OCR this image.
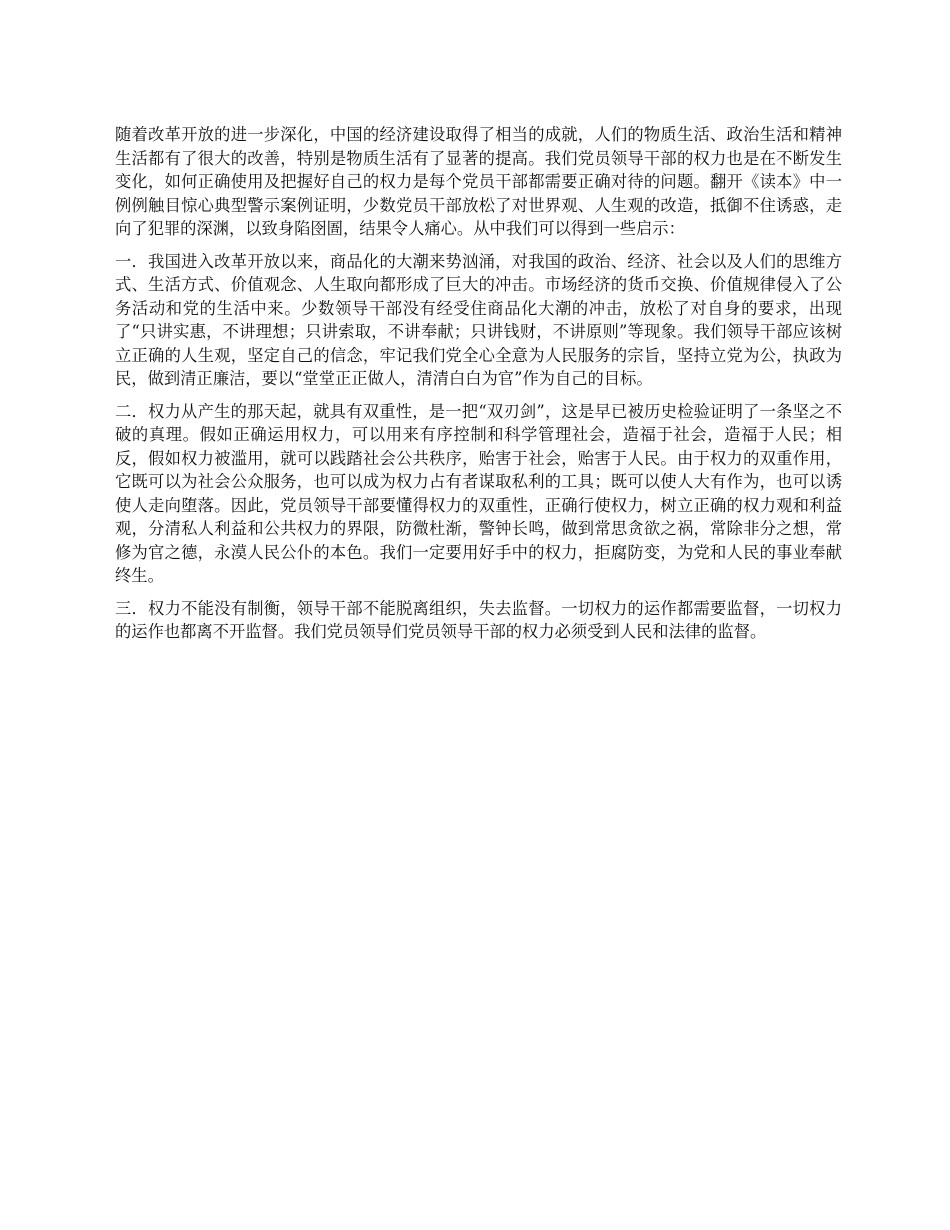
随着改革开放的进一步深化，中国的经济建设取得了相当的成就，人们的物质生活、政治生活和精神生活都有了很大的改善，特别是物质生活有了显著的提高。我们党员领导干部的权力也是在不断发生变化，如何正确使用及把握好自己的权力是每个党员干部都需要正确对待的问题。翻开《读本》中一例例触目惊心典型警示案例证明，少数党员干部放松了对世界观、人生观的改造，抵御不住诱惑，走向了犯罪的深渊，以致身陷囹圄，结果令人痛心。从中我们可以得到一些启示：

一．我国进入改革开放以来，商品化的大潮来势汹涌，对我国的政治、经济、社会以及人们的思维方式、生活方式、价值观念、人生取向都形成了巨大的冲击。市场经济的货币交换、价值规律侵入了公务活动和党的生活中来。少数领导干部没有经受住商品化大潮的冲击，放松了对自身的要求，出现了“只讲实惠，不讲理想；只讲索取，不讲奉献；只讲钱财，不讲原则”等现象。我们领导干部应该树立正确的人生观，坚定自己的信念，牢记我们党全心全意为人民服务的宗旨，坚持立党为公，执政为民，做到清正廉洁，要以“堂堂正正做人，清清白白为官”作为自己的目标。

二．权力从产生的那天起，就具有双重性，是一把“双刃剑”，这是早已被历史检验证明了一条坚之不破的真理。假如正确运用权力，可以用来有序控制和科学管理社会，造福于社会，造福于人民；相反，假如权力被滥用，就可以践踏社会公共秩序，贻害于社会，贻害于人民。由于权力的双重作用，它既可以为社会公众服务，也可以成为权力占有者谋取私利的工具；既可以使人大有作为，也可以诱使人走向堕落。因此，党员领导干部要懂得权力的双重性，正确行使权力，树立正确的权力观和利益观，分清私人利益和公共权力的界限，防微杜渐，警钟长鸣，做到常思贪欲之祸，常除非分之想，常修为官之德，永漠人民公仆的本色。我们一定要用好手中的权力，拒腐防变，为党和人民的事业奉献终生。

三．权力不能没有制衡，领导干部不能脱离组织，失去监督。一切权力的运作都需要监督，一切权力的运作也都离不开监督。我们党员领导们党员领导干部的权力必须受到人民和法律的监督。
